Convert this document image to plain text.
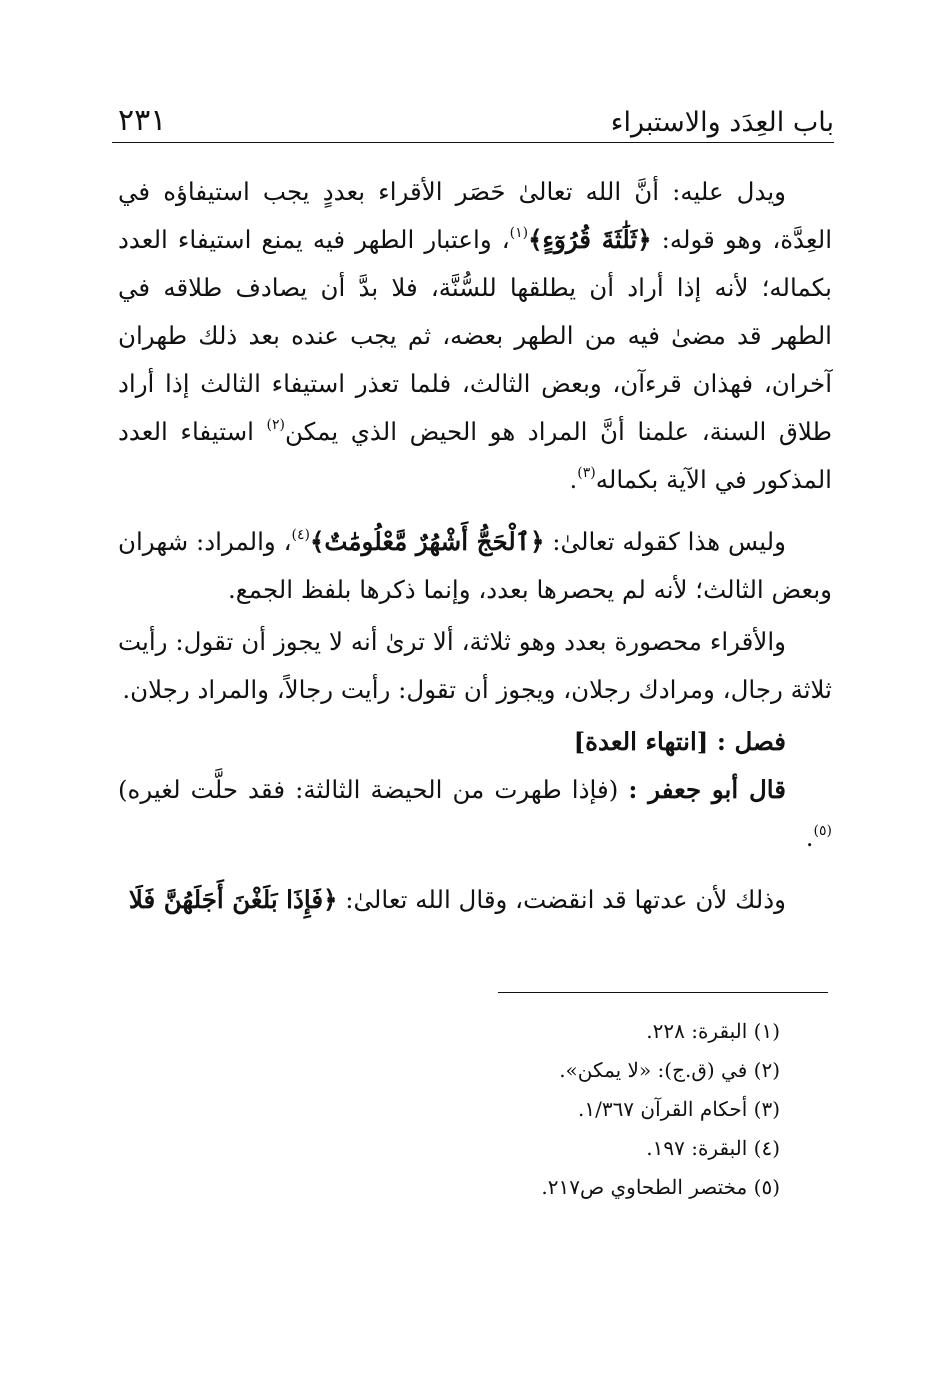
باب العِدَد والاستبراء
٢٣١

ويدل عليه: أنَّ الله تعالىٰ حَصَر الأقراء بعددٍ يجب استيفاؤه في العِدَّة، وهو قوله: ﴿ثَلَٰثَةَ قُرُوٓءٍ﴾$^{(١)}$، واعتبار الطهر فيه يمنع استيفاء العدد بكماله؛ لأنه إذا أراد أن يطلقها للسُّنَّة، فلا بدَّ أن يصادف طلاقه في الطهر قد مضىٰ فيه من الطهر بعضه، ثم يجب عنده بعد ذلك طهران آخران، فهذان قرءآن، وبعض الثالث، فلما تعذر استيفاء الثالث إذا أراد طلاق السنة، علمنا أنَّ المراد هو الحيض الذي يمكن$^{(٢)}$ استيفاء العدد المذكور في الآية بكماله$^{(٣)}$.

وليس هذا كقوله تعالىٰ: ﴿ٱلْحَجُّ أَشْهُرٌ مَّعْلُومَٰتٌ﴾$^{(٤)}$، والمراد: شهران وبعض الثالث؛ لأنه لم يحصرها بعدد، وإنما ذكرها بلفظ الجمع.

والأقراء محصورة بعدد وهو ثلاثة، ألا ترىٰ أنه لا يجوز أن تقول: رأيت ثلاثة رجال، ومرادك رجلان، ويجوز أن تقول: رأيت رجالاً، والمراد رجلان.

فصل : [انتهاء العدة]

قال أبو جعفر : (فإذا طهرت من الحيضة الثالثة: فقد حلَّت لغيره)$^{(٥)}$.

وذلك لأن عدتها قد انقضت، وقال الله تعالىٰ: ﴿فَإِذَا بَلَغْنَ أَجَلَهُنَّ فَلَا

(١) البقرة: ٢٢٨.
(٢) في (ق.ج): «لا يمكن».
(٣) أحكام القرآن ١/٣٦٧.
(٤) البقرة: ١٩٧.
(٥) مختصر الطحاوي ص٢١٧.
